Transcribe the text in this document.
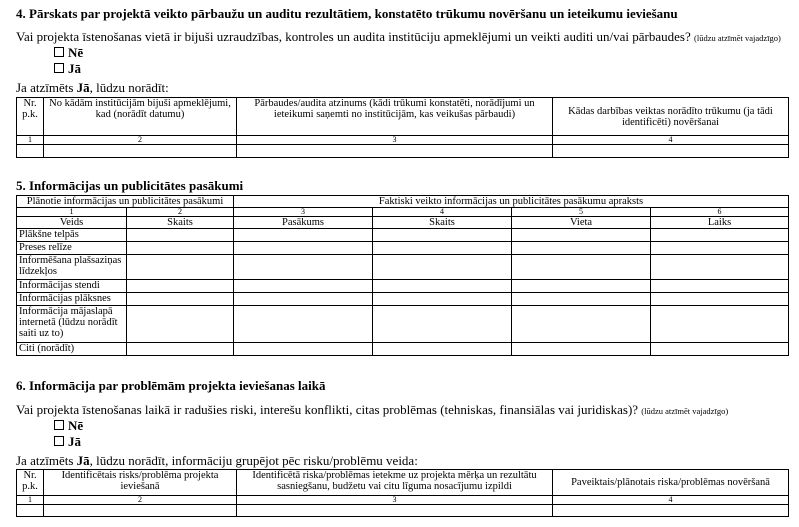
4. Pārskats par projektā veikto pārbaužu un auditu rezultātiem, konstatēto trūkumu novēršanu un ieteikumu ieviešanu
Vai projekta īstenošanas vietā ir bijuši uzraudzības, kontroles un audita institūciju apmeklējumi un veikti auditi un/vai pārbaudes? (lūdzu atzīmēt vajadzīgo)
Nē
Jā
Ja atzīmēts Jā, lūdzu norādīt:
Nr. p.k.	No kādām institūcijām bijuši apmeklējumi, kad (norādīt datumu)	Pārbaudes/audita atzinums (kādi trūkumi konstatēti, norādījumi un ieteikumi saņemti no institūcijām, kas veikušas pārbaudi)	Kādas darbības veiktas norādīto trūkumu (ja tādi identificēti) novēršanai
1	2	3	4

5. Informācijas un publicitātes pasākumi
Plānotie informācijas un publicitātes pasākumi		Faktiski veikto informācijas un publicitātes pasākumu apraksts			
1	2	3	4	5	6
Veids	Skaits	Pasākums	Skaits	Vieta	Laiks
Plākšne telpās					
Preses relīze					
Informēšana plašsaziņas līdzekļos					
Informācijas stendi					
Informācijas plāksnes					
Informācija mājaslapā internetā (lūdzu norādīt saiti uz to)					
Citi (norādīt)					
6. Informācija par problēmām projekta ieviešanas laikā
Vai projekta īstenošanas laikā ir radušies riski, interešu konflikti, citas problēmas (tehniskas, finansiālas vai juridiskas)? (lūdzu atzīmēt vajadzīgo)
Nē
Jā
Ja atzīmēts Jā, lūdzu norādīt, informāciju grupējot pēc risku/problēmu veida:
Nr. p.k.	Identificētais risks/problēma projekta ieviešanā	Identificētā riska/problēmas ietekme uz projekta mērķa un rezultātu sasniegšanu, budžetu vai citu līguma nosacījumu izpildi	Paveiktais/plānotais riska/problēmas novēršanā
1	2	3	4
